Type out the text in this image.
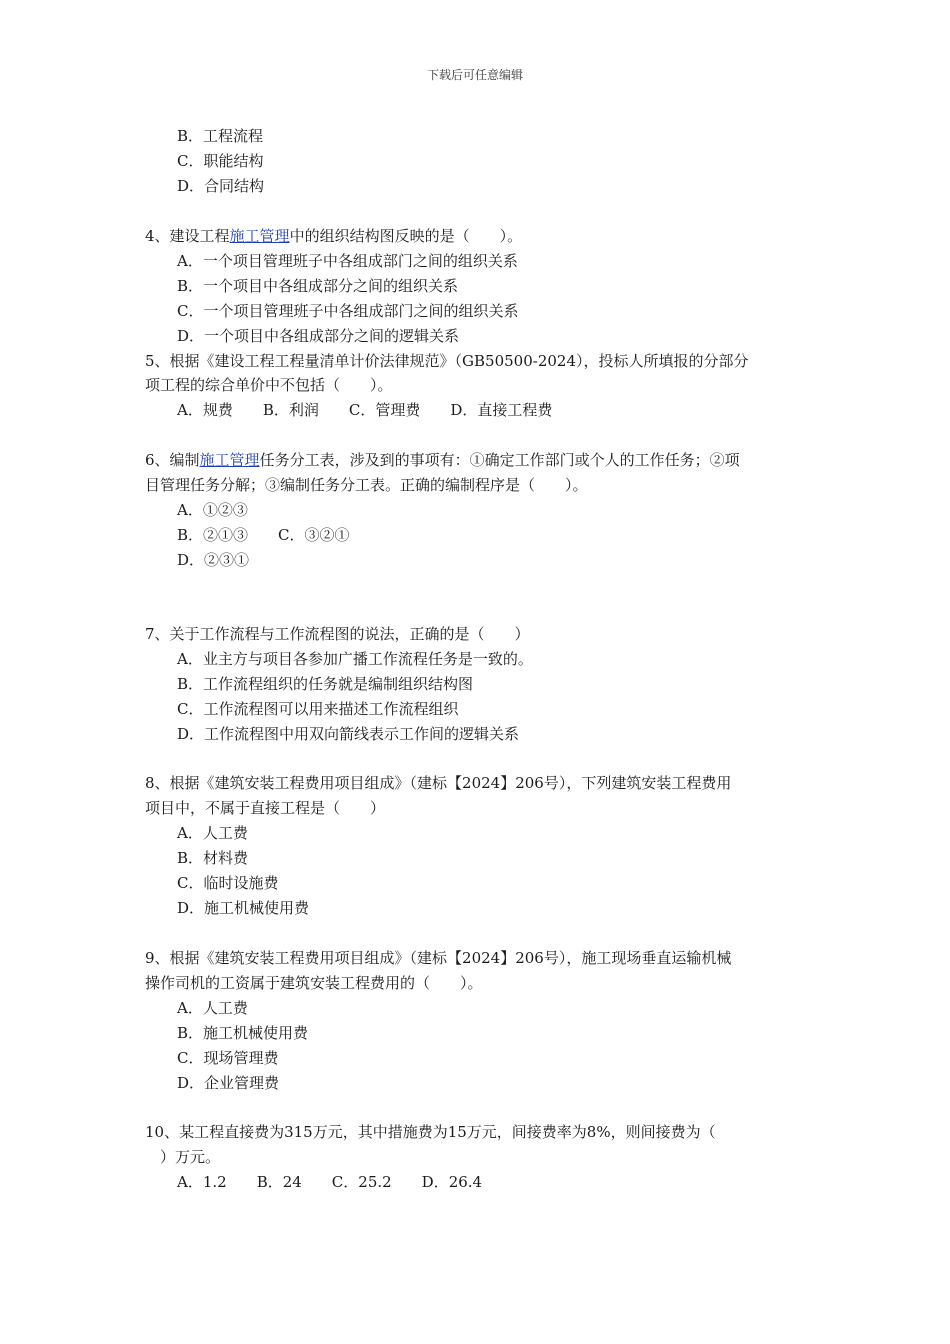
下载后可任意编辑
B．工程流程
C．职能结构
D．合同结构
4、建设工程施工管理中的组织结构图反映的是（　　）。
A．一个项目管理班子中各组成部门之间的组织关系
B．一个项目中各组成部分之间的组织关系
C．一个项目管理班子中各组成部门之间的组织关系
D．一个项目中各组成部分之间的逻辑关系
5、根据《建设工程工程量清单计价法律规范》（GB50500-2024），投标人所填报的分部分
项工程的综合单价中不包括（　　）。
A．规费　　B．利润　　C．管理费　　D．直接工程费
6、编制施工管理任务分工表，涉及到的事项有：①确定工作部门或个人的工作任务；②项
目管理任务分解；③编制任务分工表。正确的编制程序是（　　）。
A．①②③
B．②①③　　C．③②①
D．②③①
7、关于工作流程与工作流程图的说法，正确的是（　　）
A．业主方与项目各参加广播工作流程任务是一致的。
B．工作流程组织的任务就是编制组织结构图
C．工作流程图可以用来描述工作流程组织
D．工作流程图中用双向箭线表示工作间的逻辑关系
8、根据《建筑安装工程费用项目组成》（建标【2024】206号），下列建筑安装工程费用
项目中，不属于直接工程是（　　）
A．人工费
B．材料费
C．临时设施费
D．施工机械使用费
9、根据《建筑安装工程费用项目组成》（建标【2024】206号），施工现场垂直运输机械
操作司机的工资属于建筑安装工程费用的（　　）。
A．人工费
B．施工机械使用费
C．现场管理费
D．企业管理费
10、某工程直接费为315万元，其中措施费为15万元，间接费率为8%，则间接费为（
　）万元。
A．1.2　　B．24　　C．25.2　　D．26.4
